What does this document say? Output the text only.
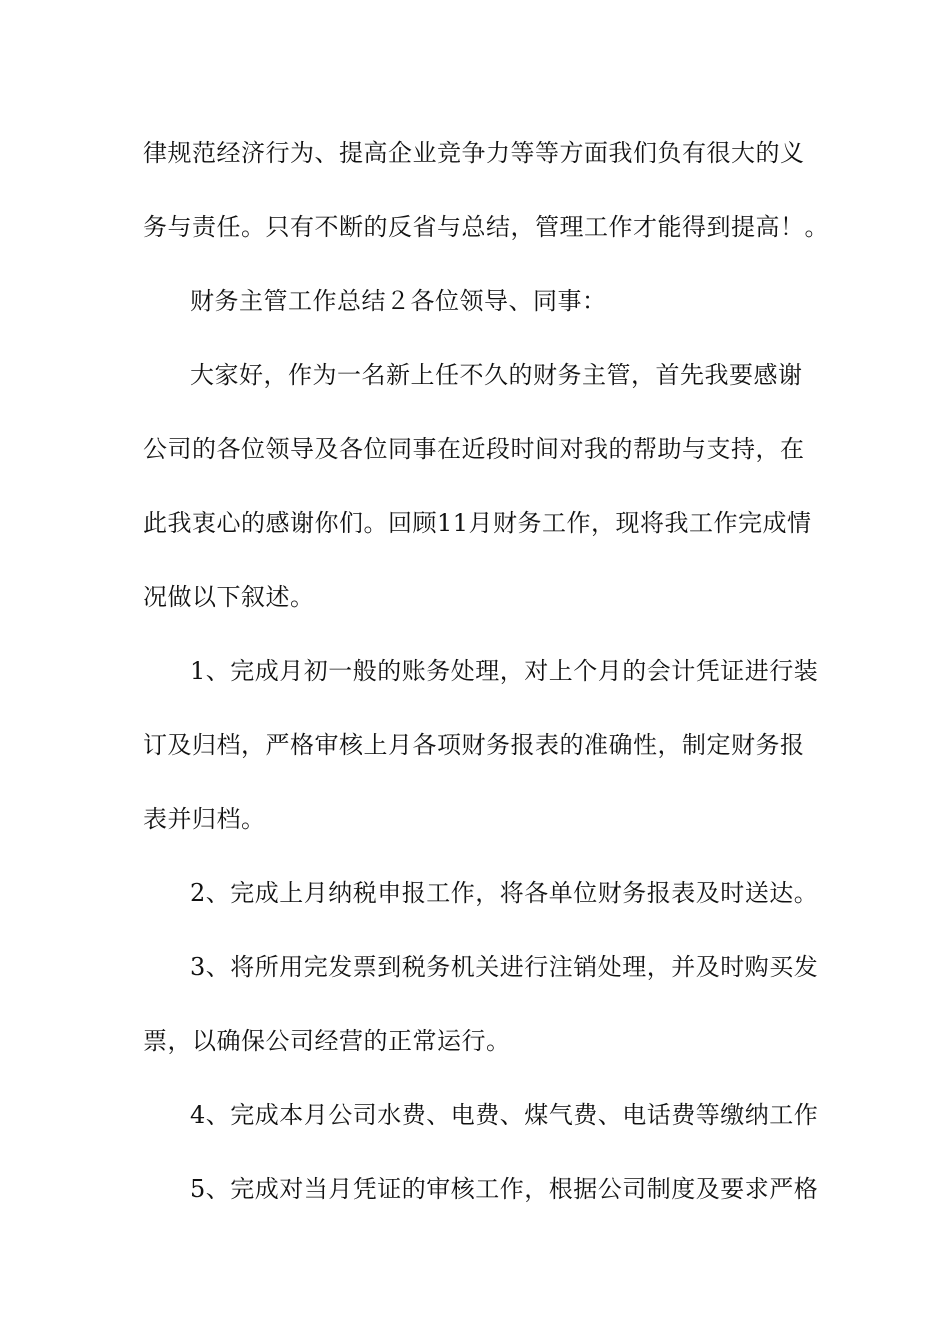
律规范经济行为、提高企业竞争力等等方面我们负有很大的义
务与责任。只有不断的反省与总结，管理工作才能得到提高！。
财务主管工作总结２各位领导、同事：
大家好，作为一名新上任不久的财务主管，首先我要感谢
公司的各位领导及各位同事在近段时间对我的帮助与支持，在
此我衷心的感谢你们。回顾11月财务工作，现将我工作完成情
况做以下叙述。
1、完成月初一般的账务处理，对上个月的会计凭证进行装
订及归档，严格审核上月各项财务报表的准确性，制定财务报
表并归档。
2、完成上月纳税申报工作，将各单位财务报表及时送达。
3、将所用完发票到税务机关进行注销处理，并及时购买发
票，以确保公司经营的正常运行。
4、完成本月公司水费、电费、煤气费、电话费等缴纳工作
5、完成对当月凭证的审核工作，根据公司制度及要求严格
